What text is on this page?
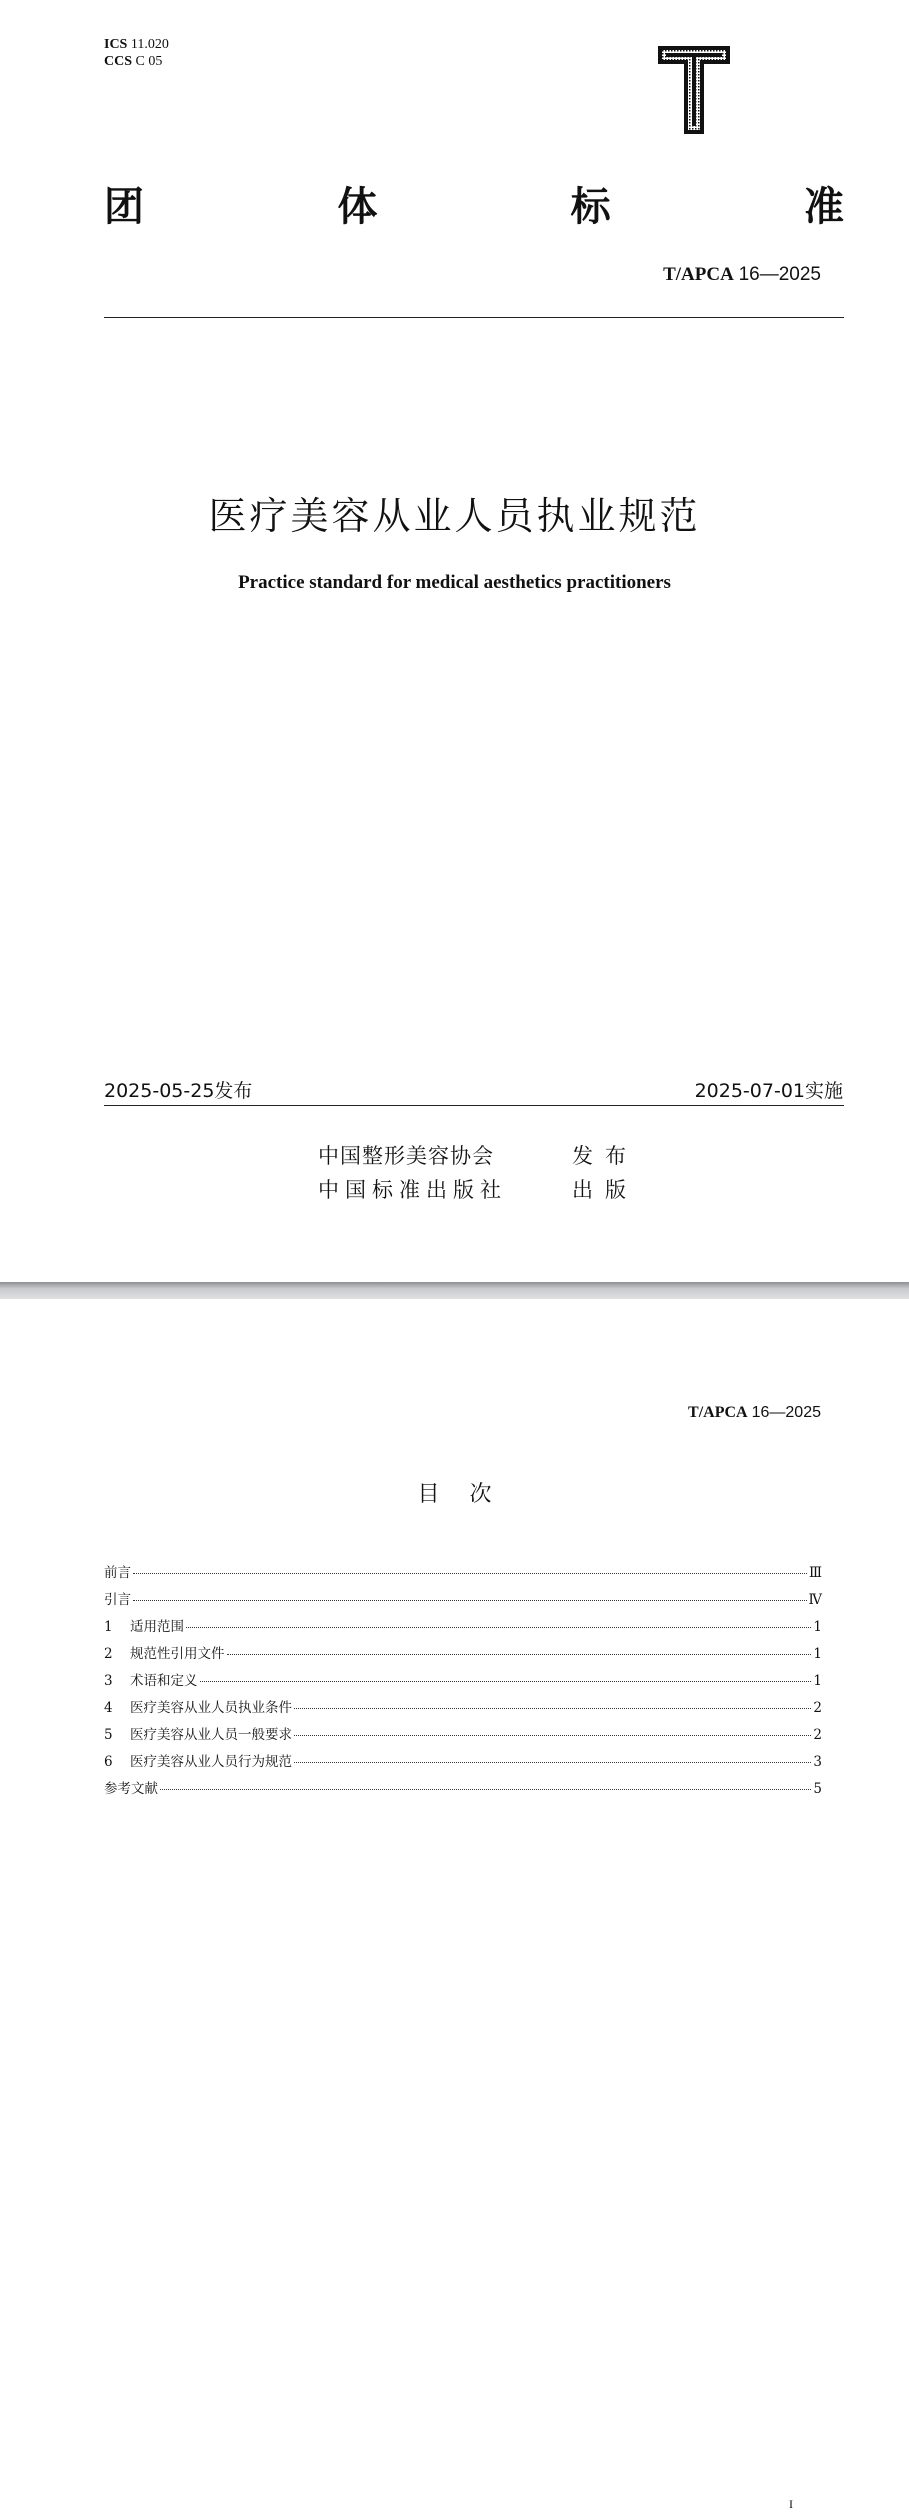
ICS 11.020
CCS C 05
团	体	标	准
T/APCA 16—2025
医疗美容从业人员执业规范
Practice standard for medical aesthetics practitioners
2025-05-25发布	2025-07-01实施
中国整形美容协会	发布
中国标准出版社	出版
T/APCA 16—2025
目次
前言	Ⅲ
引言	Ⅳ
1 适用范围	1
2 规范性引用文件	1
3 术语和定义	1
4 医疗美容从业人员执业条件	2
5 医疗美容从业人员一般要求	2
6 医疗美容从业人员行为规范	3
参考文献	5
I
